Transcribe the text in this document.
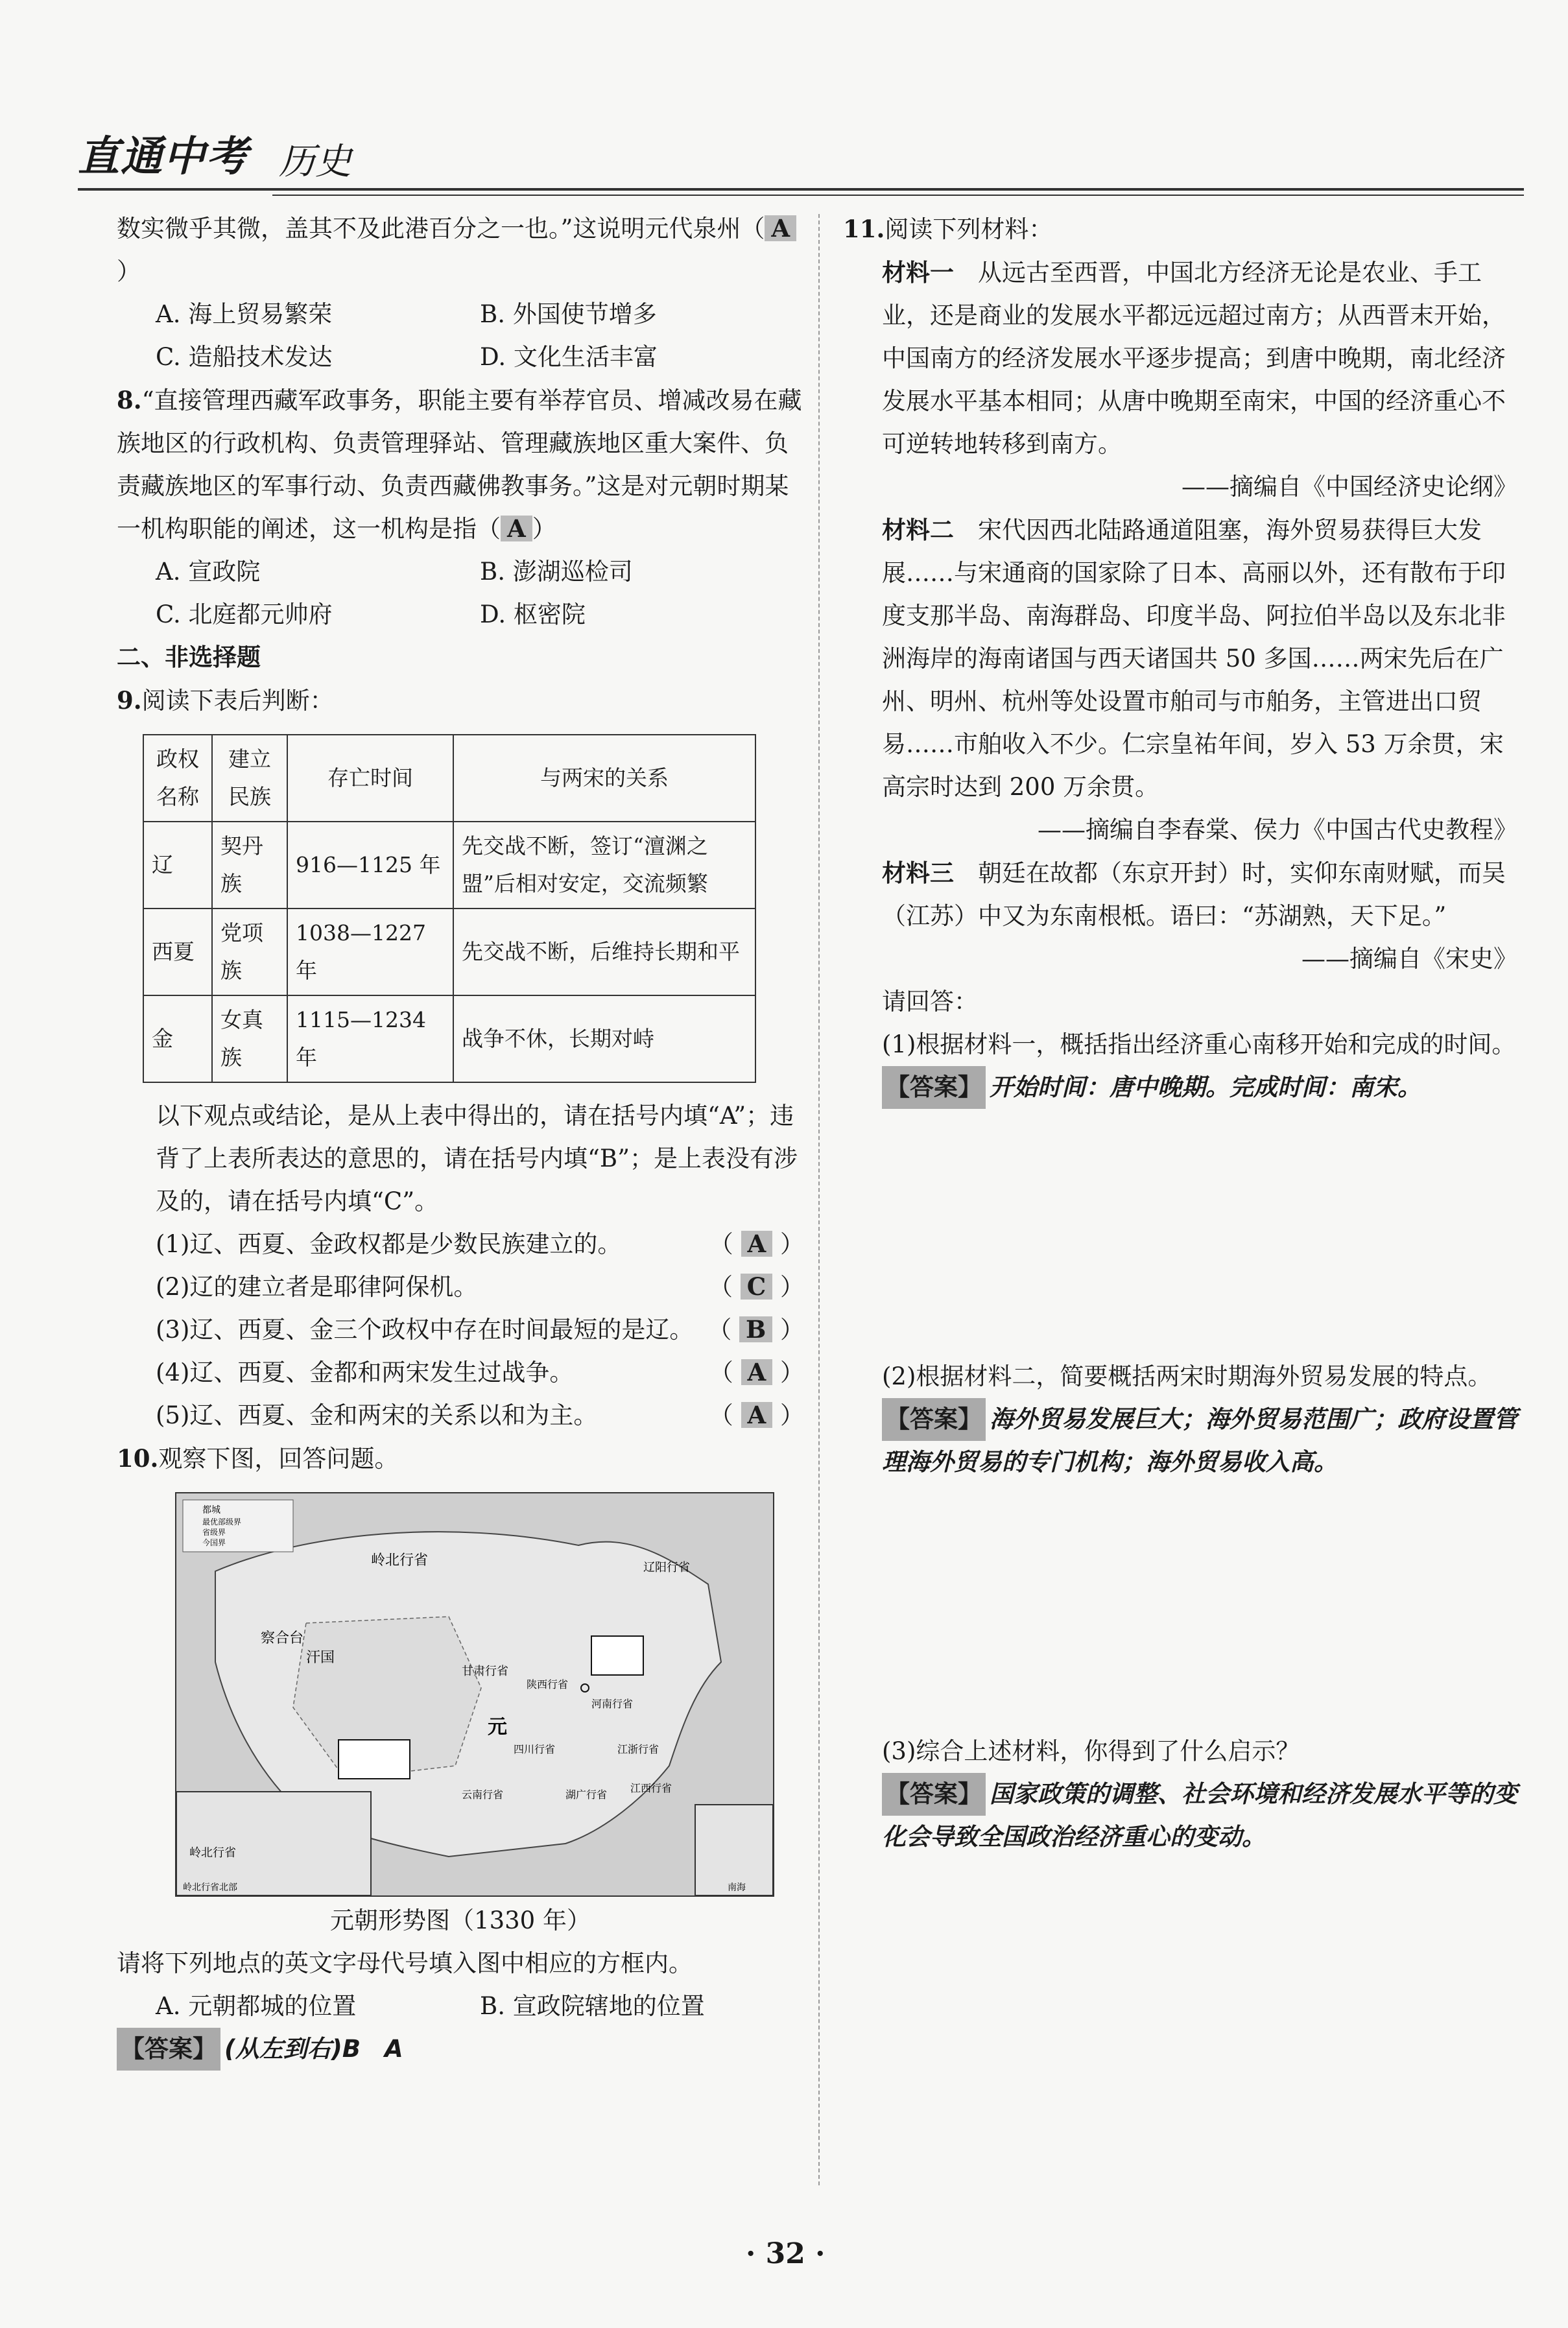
直通中考 历史

数实微乎其微，盖其不及此港百分之一也。”这说明元代泉州（ A）

A. 海上贸易繁荣	B. 外国使节增多
C. 造船技术发达	D. 文化生活丰富

8.“直接管理西藏军政事务，职能主要有举荐官员、增减改易在藏族地区的行政机构、负责管理驿站、管理藏族地区重大案件、负责藏族地区的军事行动、负责西藏佛教事务。”这是对元朝时期某一机构职能的阐述，这一机构是指（ A ）

A. 宣政院	B. 澎湖巡检司
C. 北庭都元帅府	D. 枢密院

二、非选择题

9.阅读下表后判断：

政权名称	建立民族	存亡时间	与两宋的关系
辽	契丹族	916—1125 年	先交战不断，签订“澶渊之盟”后相对安定，交流频繁
西夏	党项族	1038—1227 年	先交战不断，后维持长期和平
金	女真族	1115—1234 年	战争不休，长期对峙

以下观点或结论，是从上表中得出的，请在括号内填“A”；违背了上表所表达的意思的，请在括号内填“B”；是上表没有涉及的，请在括号内填“C”。

(1)辽、西夏、金政权都是少数民族建立的。	（ A ）
(2)辽的建立者是耶律阿保机。	（ C ）
(3)辽、西夏、金三个政权中存在时间最短的是辽。 （ B ）
(4)辽、西夏、金都和两宋发生过战争。	（ A ）
(5)辽、西夏、金和两宋的关系以和为主。	（ A ）

10.观察下图，回答问题。

都城
最优部级界
省级界
今国界
岭北行省
元
察合台
汗国
甘肃行省
陕西行省
四川行省
河南行省
江浙行省
湖广行省
江西行省
云南行省
辽阳行省
岭北行省
岭北行省北部	南海

元朝形势图（1330 年）

请将下列地点的英文字母代号填入图中相应的方框内。

A. 元朝都城的位置	B. 宣政院辖地的位置

【答案】 (从左到右)B　A

11.阅读下列材料：

材料一　 从远古至西晋，中国北方经济无论是农业、手工业，还是商业的发展水平都远远超过南方；从西晋末开始，中国南方的经济发展水平逐步提高；到唐中晚期，南北经济发展水平基本相同；从唐中晚期至南宋，中国的经济重心不可逆转地转移到南方。

——摘编自《中国经济史论纲》

材料二　 宋代因西北陆路通道阻塞，海外贸易获得巨大发展……与宋通商的国家除了日本、高丽以外，还有散布于印度支那半岛、南海群岛、印度半岛、阿拉伯半岛以及东北非洲海岸的海南诸国与西天诸国共 50 多国……两宋先后在广州、明州、杭州等处设置市舶司与市舶务，主管进出口贸易……市舶收入不少。仁宗皇祐年间，岁入 53 万余贯，宋高宗时达到 200 万余贯。

——摘编自李春棠、侯力《中国古代史教程》

材料三　 朝廷在故都（东京开封）时，实仰东南财赋，而吴（江苏）中又为东南根柢。语曰：“苏湖熟，天下足。”

——摘编自《宋史》

请回答：

(1)根据材料一，概括指出经济重心南移开始和完成的时间。

【答案】 开始时间：唐中晚期。完成时间：南宋。

(2)根据材料二，简要概括两宋时期海外贸易发展的特点。

【答案】 海外贸易发展巨大；海外贸易范围广；政府设置管理海外贸易的专门机构；海外贸易收入高。

(3)综合上述材料，你得到了什么启示？

【答案】 国家政策的调整、社会环境和经济发展水平等的变化会导致全国政治经济重心的变动。

· 32 ·
